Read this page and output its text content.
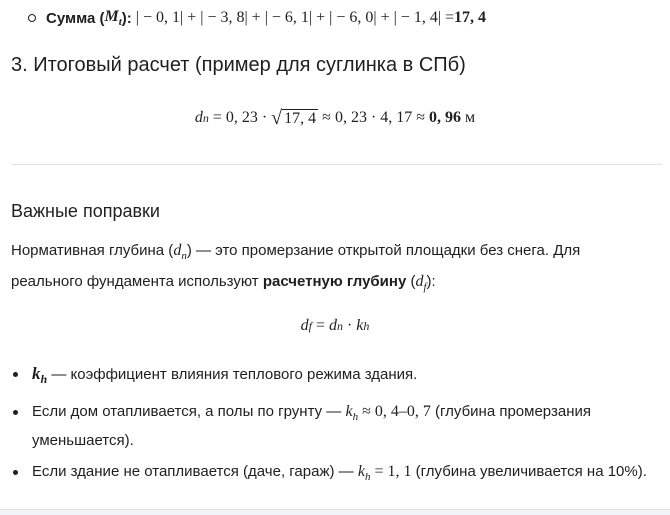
Сумма ( $M_t$ ): | − 0, 1| + | − 3, 8| + | − 6, 1| + | − 6, 0| + | − 1, 4| = 17, 4
3. Итоговый расчет (пример для суглинка в СПб)
d n = 0, 23 · √ 17, 4 ≈ 0, 23 · 4, 17 ≈ 0, 96 м
Важные поправки
Нормативная глубина $(d_n)$ — это промерзание открытой площадки без снега. Для реального фундамента используют расчетную глубину $(d_f)$:
d f = d n · k h
$k_h$ — коэффициент влияния теплового режима здания.
Если дом отапливается, а полы по грунту — $k_h \approx 0$, 4–0, 7 (глубина промерзания уменьшается).
Если здание не отапливается (даче, гараж) — $k_h = 1$, 1 (глубина увеличивается на 10%).
